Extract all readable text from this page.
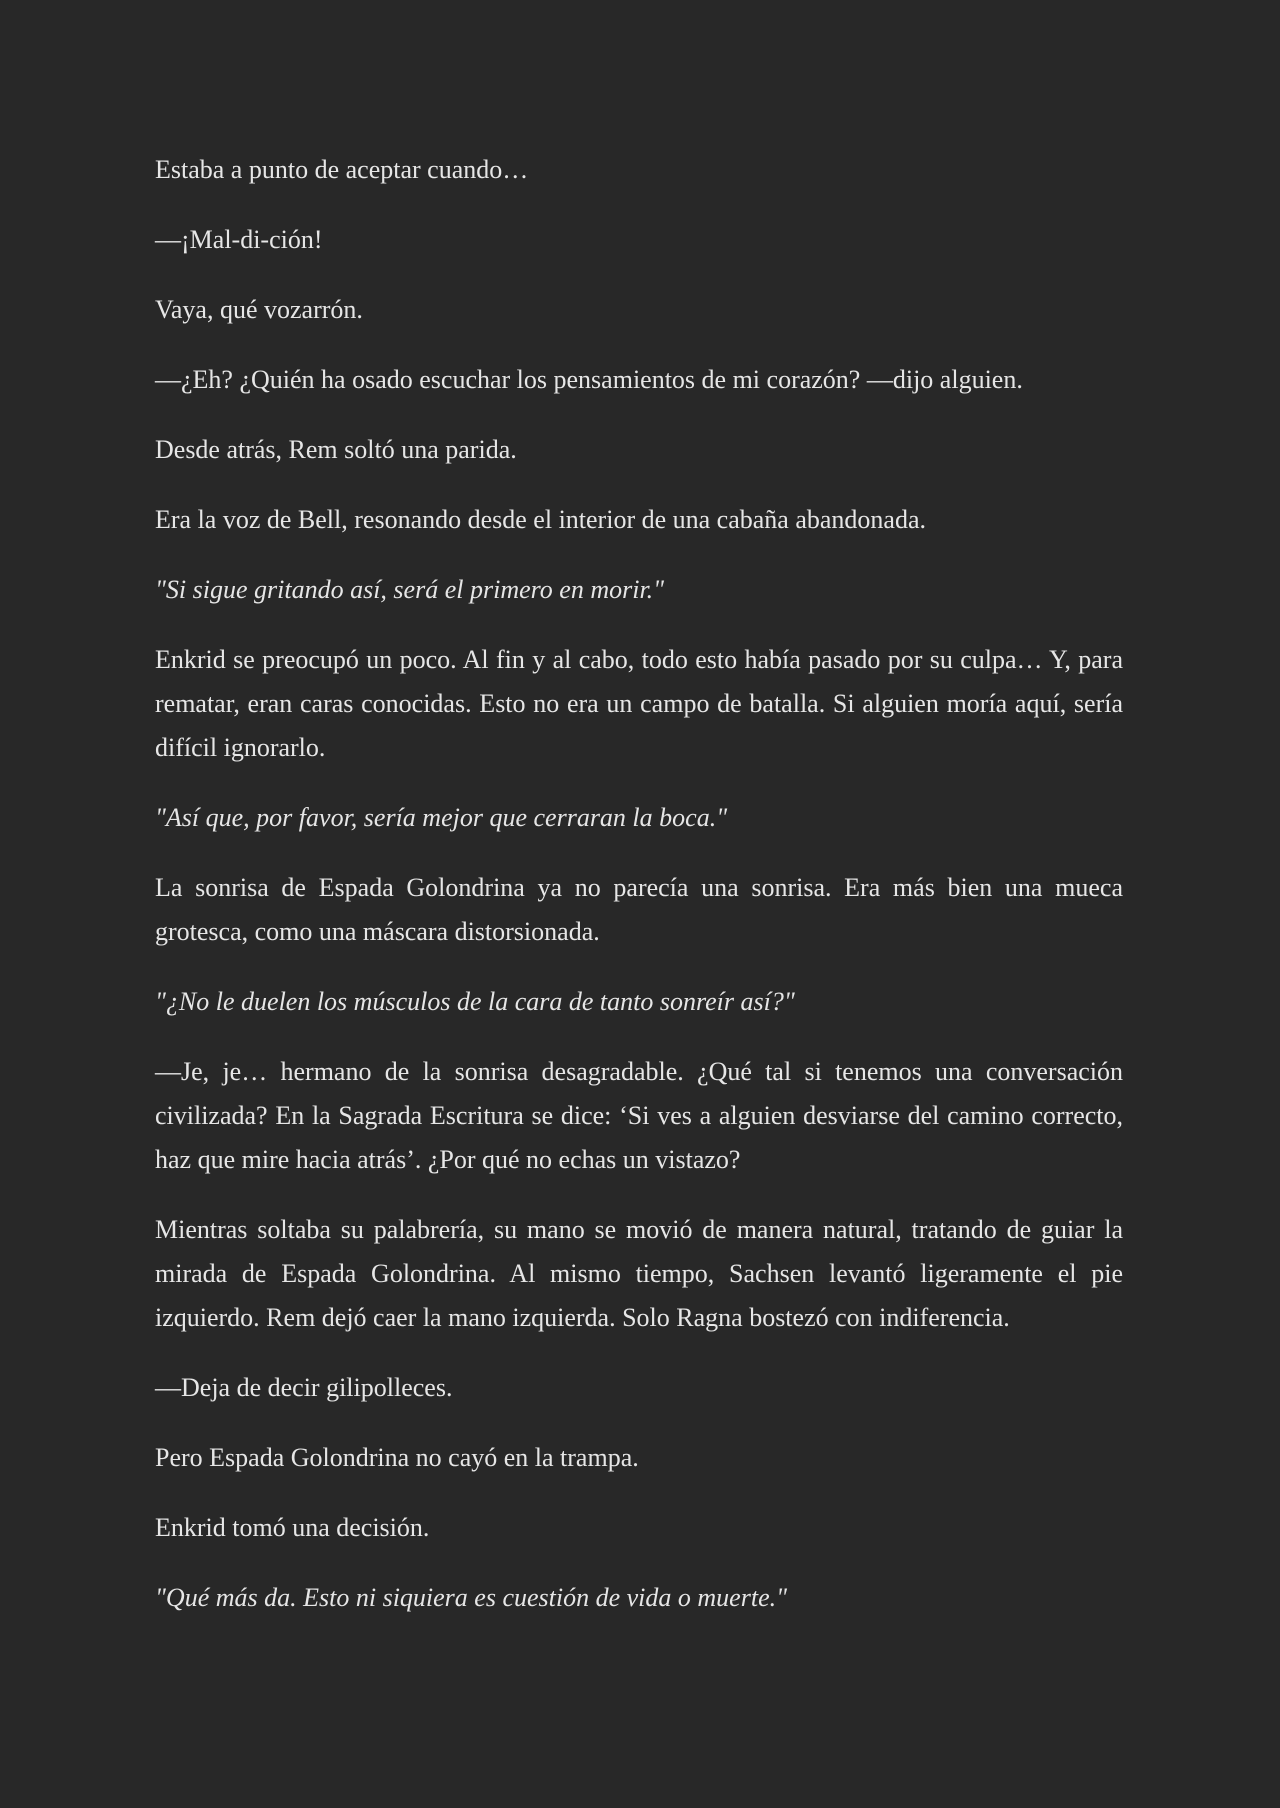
Estaba a punto de aceptar cuando…

—¡Mal-di-ción!

Vaya, qué vozarrón.

—¿Eh? ¿Quién ha osado escuchar los pensamientos de mi corazón? —dijo alguien.

Desde atrás, Rem soltó una parida.

Era la voz de Bell, resonando desde el interior de una cabaña abandonada.

"Si sigue gritando así, será el primero en morir."

Enkrid se preocupó un poco. Al fin y al cabo, todo esto había pasado por su culpa… Y, para rematar, eran caras conocidas. Esto no era un campo de batalla. Si alguien moría aquí, sería difícil ignorarlo.

"Así que, por favor, sería mejor que cerraran la boca."

La sonrisa de Espada Golondrina ya no parecía una sonrisa. Era más bien una mueca grotesca, como una máscara distorsionada.

"¿No le duelen los músculos de la cara de tanto sonreír así?"

—Je, je… hermano de la sonrisa desagradable. ¿Qué tal si tenemos una conversación civilizada? En la Sagrada Escritura se dice: ‘Si ves a alguien desviarse del camino correcto, haz que mire hacia atrás’. ¿Por qué no echas un vistazo?

Mientras soltaba su palabrería, su mano se movió de manera natural, tratando de guiar la mirada de Espada Golondrina. Al mismo tiempo, Sachsen levantó ligeramente el pie izquierdo. Rem dejó caer la mano izquierda. Solo Ragna bostezó con indiferencia.

—Deja de decir gilipolleces.

Pero Espada Golondrina no cayó en la trampa.

Enkrid tomó una decisión.

"Qué más da. Esto ni siquiera es cuestión de vida o muerte."
